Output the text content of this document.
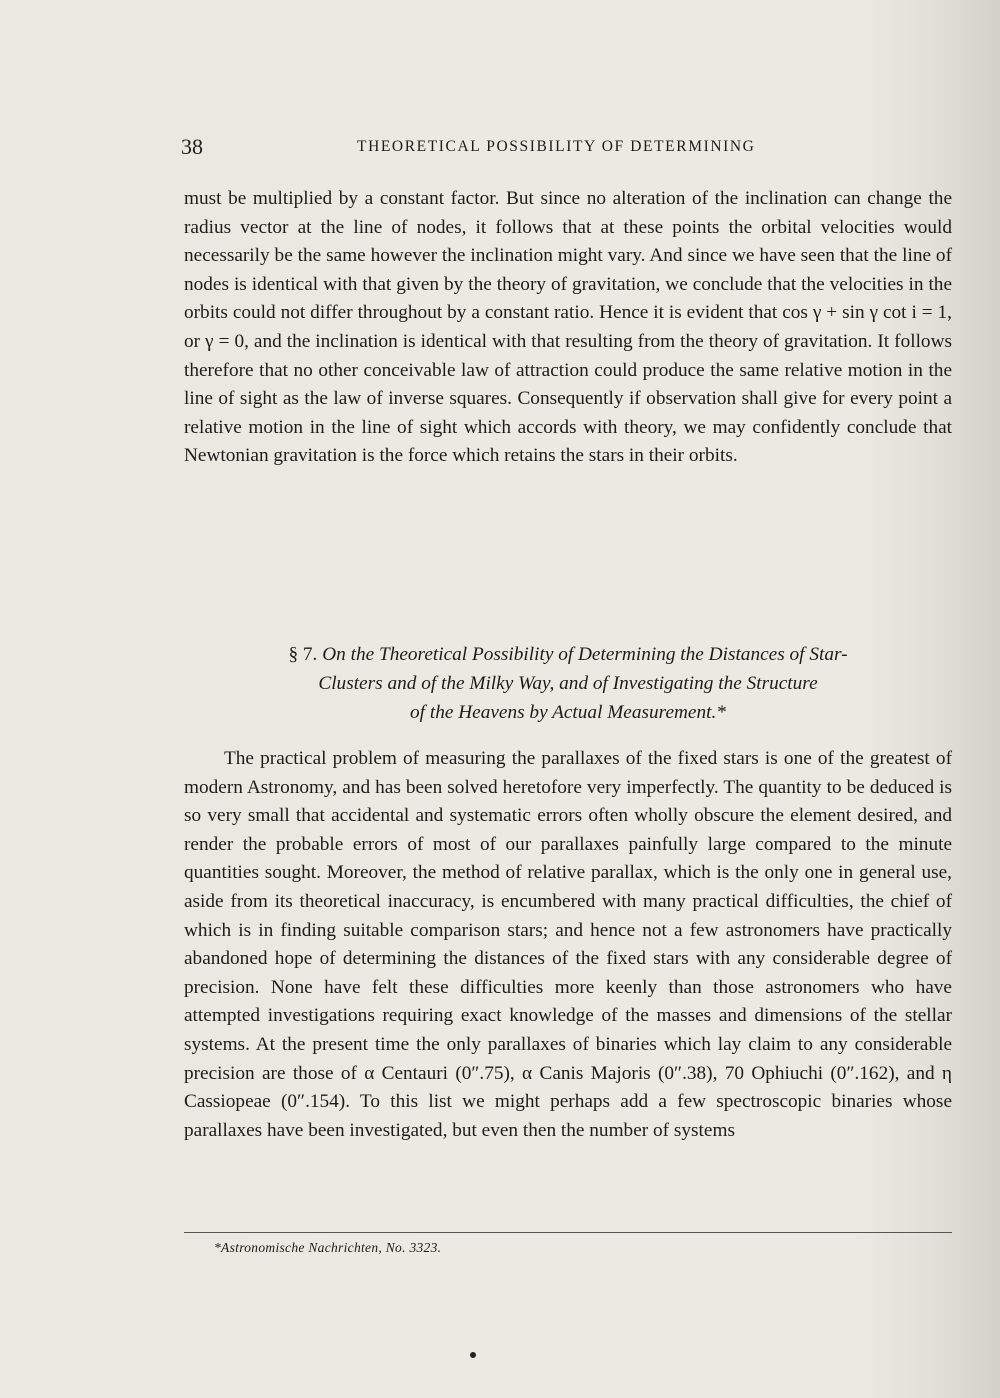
38	THEORETICAL POSSIBILITY OF DETERMINING

must be multiplied by a constant factor. But since no alteration of the inclination can change the radius vector at the line of nodes, it follows that at these points the orbital velocities would necessarily be the same however the inclination might vary. And since we have seen that the line of nodes is identical with that given by the theory of gravitation, we conclude that the velocities in the orbits could not differ throughout by a constant ratio. Hence it is evident that cos γ + sin γ cot i = 1, or γ = 0, and the inclination is identical with that resulting from the theory of gravitation. It follows therefore that no other conceivable law of attraction could produce the same relative motion in the line of sight as the law of inverse squares. Consequently if observation shall give for every point a relative motion in the line of sight which accords with theory, we may confidently conclude that Newtonian gravitation is the force which retains the stars in their orbits.

§ 7. On the Theoretical Possibility of Determining the Distances of Star-
Clusters and of the Milky Way, and of Investigating the Structure
of the Heavens by Actual Measurement.*

The practical problem of measuring the parallaxes of the fixed stars is one of the greatest of modern Astronomy, and has been solved heretofore very imperfectly. The quantity to be deduced is so very small that accidental and systematic errors often wholly obscure the element desired, and render the probable errors of most of our parallaxes painfully large compared to the minute quantities sought. Moreover, the method of relative parallax, which is the only one in general use, aside from its theoretical inaccuracy, is encumbered with many practical difficulties, the chief of which is in finding suitable comparison stars; and hence not a few astronomers have practically abandoned hope of determining the distances of the fixed stars with any considerable degree of precision. None have felt these difficulties more keenly than those astronomers who have attempted investigations requiring exact knowledge of the masses and dimensions of the stellar systems. At the present time the only parallaxes of binaries which lay claim to any considerable precision are those of α Centauri (0″.75), α Canis Majoris (0″.38), 70 Ophiuchi (0″.162), and η Cassiopeae (0″.154). To this list we might perhaps add a few spectroscopic binaries whose parallaxes have been investigated, but even then the number of systems

*Astronomische Nachrichten, No. 3323.
